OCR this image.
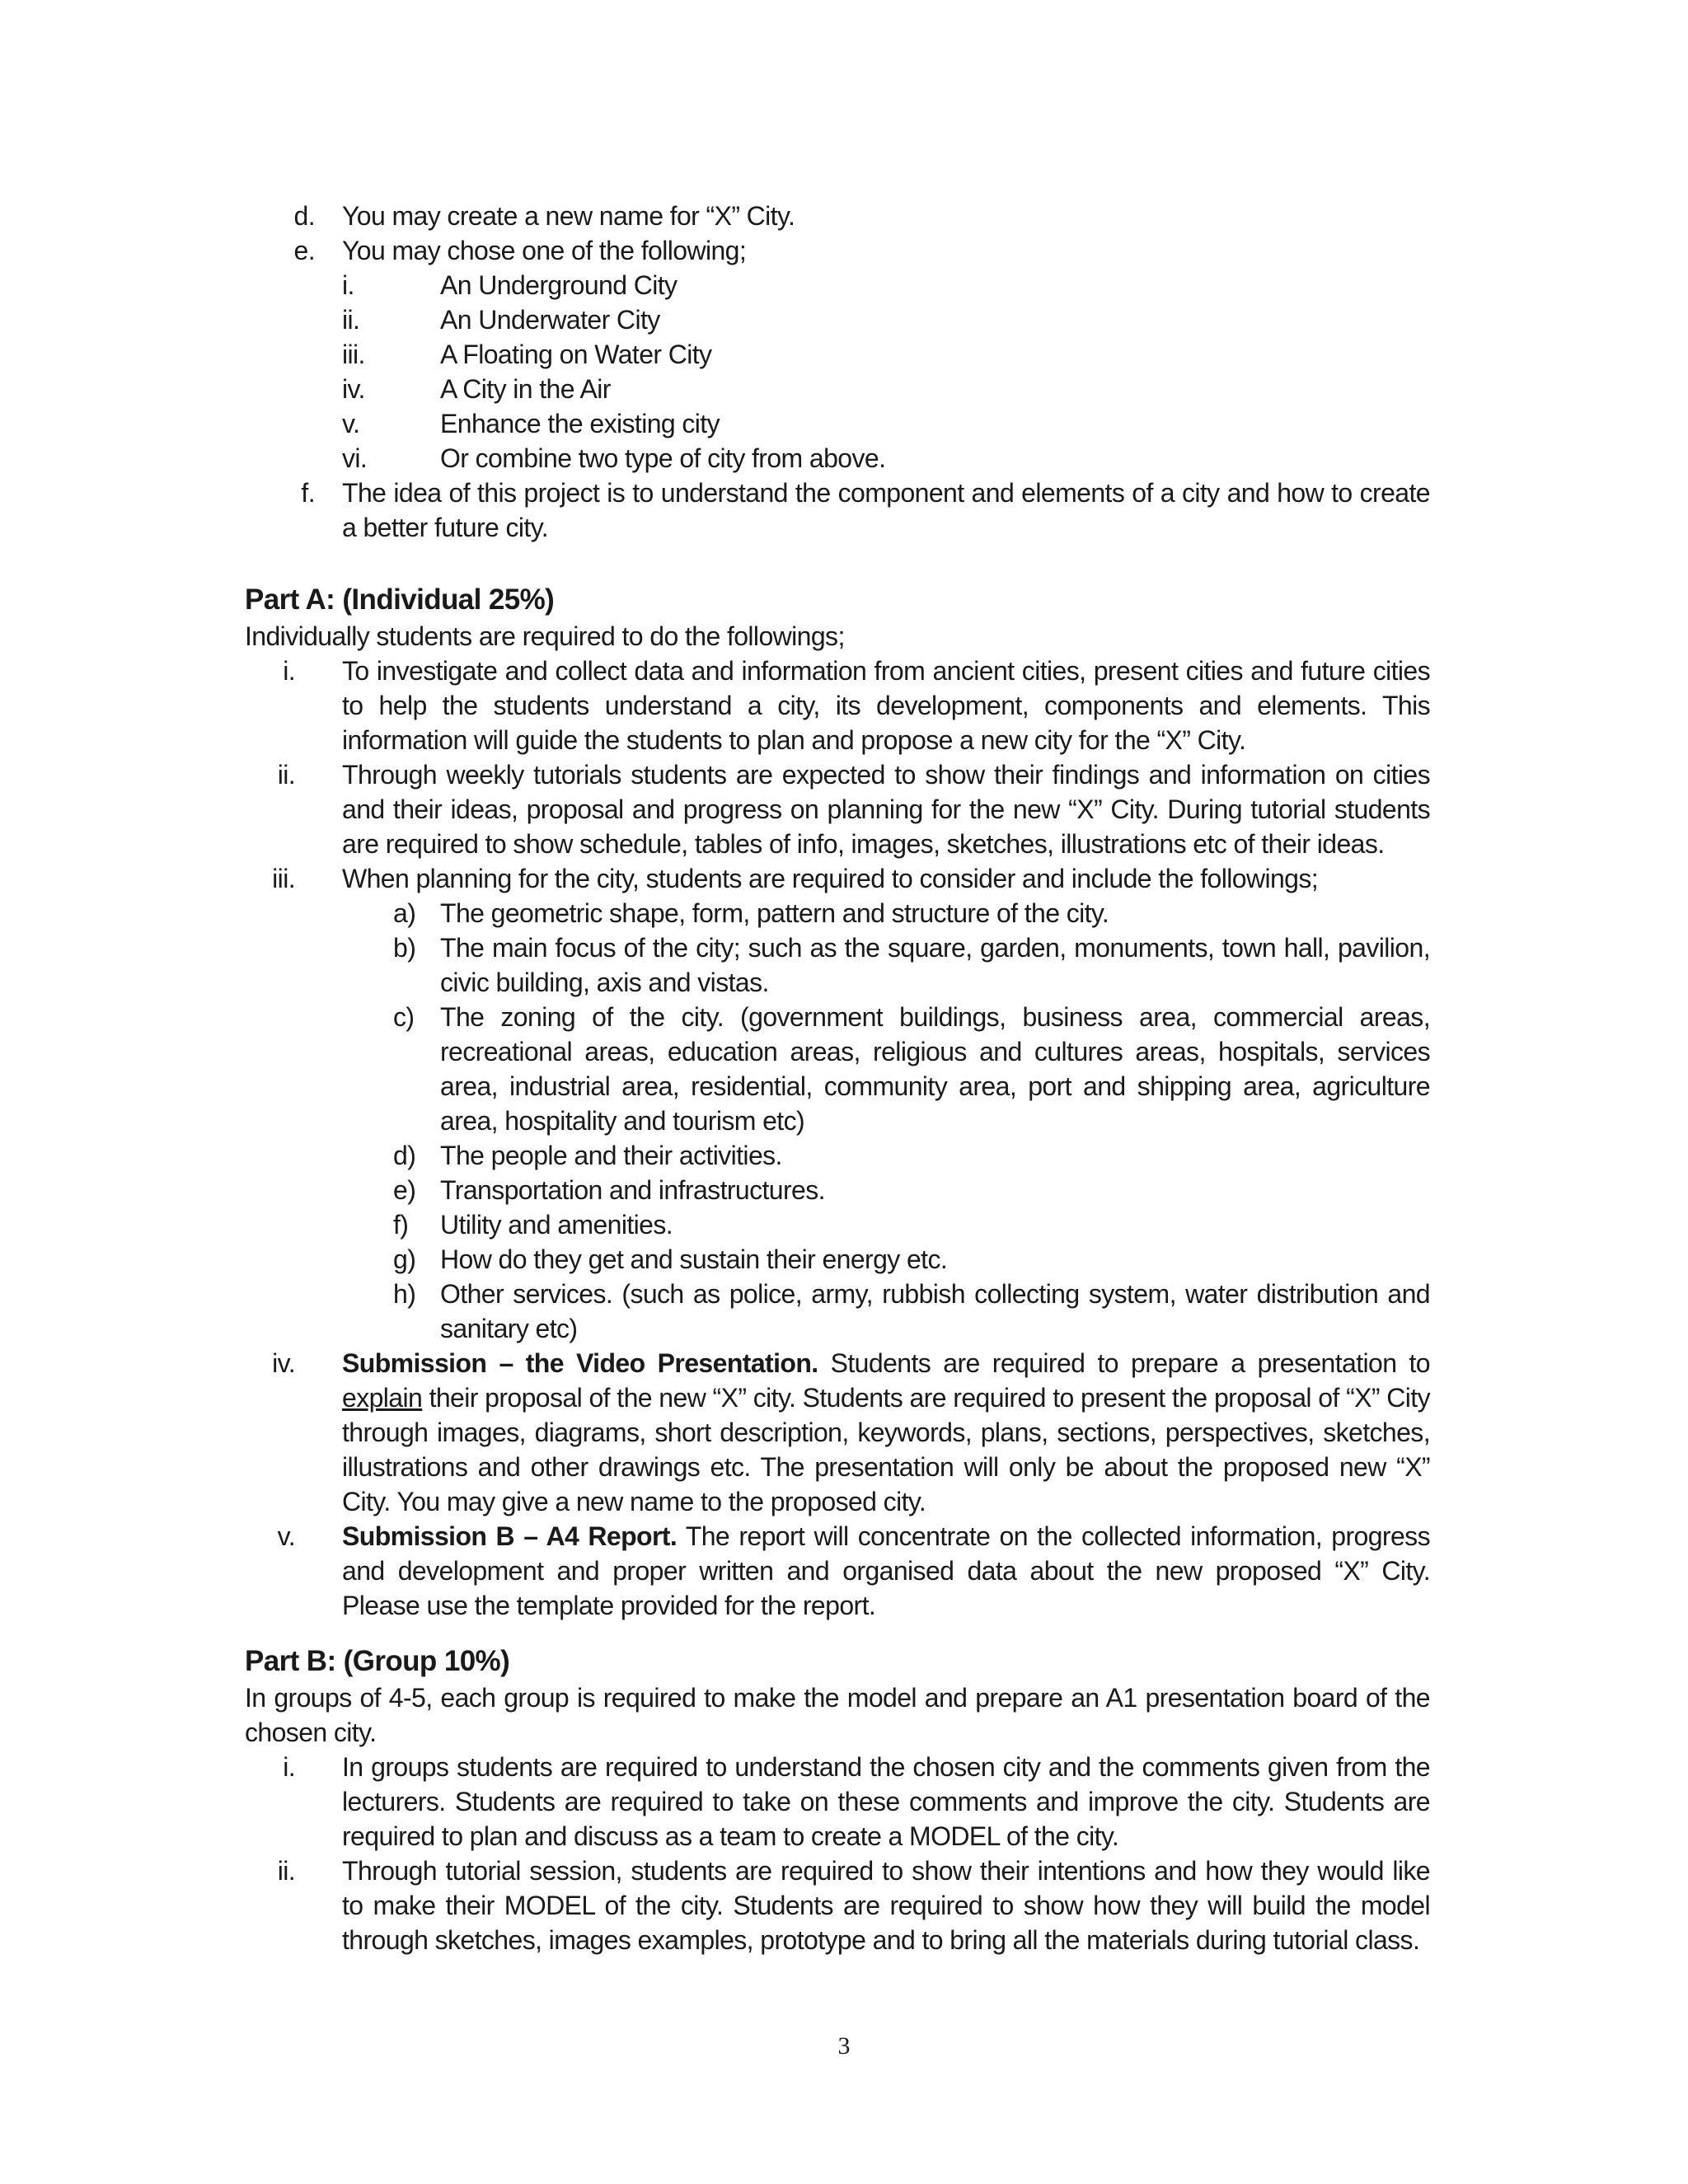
d. You may create a new name for “X” City.
e. You may chose one of the following;
i.	An Underground City
ii.	An Underwater City
iii.	A Floating on Water City
iv.	A City in the Air
v.	Enhance the existing city
vi.	Or combine two type of city from above.
f. The idea of this project is to understand the component and elements of a city and how to create a better future city.
Part A: (Individual 25%)
Individually students are required to do the followings;
i. To investigate and collect data and information from ancient cities, present cities and future cities to help the students understand a city, its development, components and elements. This information will guide the students to plan and propose a new city for the “X” City.
ii. Through weekly tutorials students are expected to show their findings and information on cities and their ideas, proposal and progress on planning for the new “X” City. During tutorial students are required to show schedule, tables of info, images, sketches, illustrations etc of their ideas.
iii. When planning for the city, students are required to consider and include the followings;
a) The geometric shape, form, pattern and structure of the city.
b) The main focus of the city; such as the square, garden, monuments, town hall, pavilion, civic building, axis and vistas.
c) The zoning of the city. (government buildings, business area, commercial areas, recreational areas, education areas, religious and cultures areas, hospitals, services area, industrial area, residential, community area, port and shipping area, agriculture area, hospitality and tourism etc)
d) The people and their activities.
e) Transportation and infrastructures.
f) Utility and amenities.
g) How do they get and sustain their energy etc.
h) Other services. (such as police, army, rubbish collecting system, water distribution and sanitary etc)
iv. Submission – the Video Presentation. Students are required to prepare a presentation to explain their proposal of the new “X” city. Students are required to present the proposal of “X” City through images, diagrams, short description, keywords, plans, sections, perspectives, sketches, illustrations and other drawings etc. The presentation will only be about the proposed new “X” City. You may give a new name to the proposed city.
v. Submission B – A4 Report. The report will concentrate on the collected information, progress and development and proper written and organised data about the new proposed “X” City. Please use the template provided for the report.
Part B: (Group 10%)
In groups of 4-5, each group is required to make the model and prepare an A1 presentation board of the chosen city.
i. In groups students are required to understand the chosen city and the comments given from the lecturers. Students are required to take on these comments and improve the city. Students are required to plan and discuss as a team to create a MODEL of the city.
ii. Through tutorial session, students are required to show their intentions and how they would like to make their MODEL of the city. Students are required to show how they will build the model through sketches, images examples, prototype and to bring all the materials during tutorial class.
3
